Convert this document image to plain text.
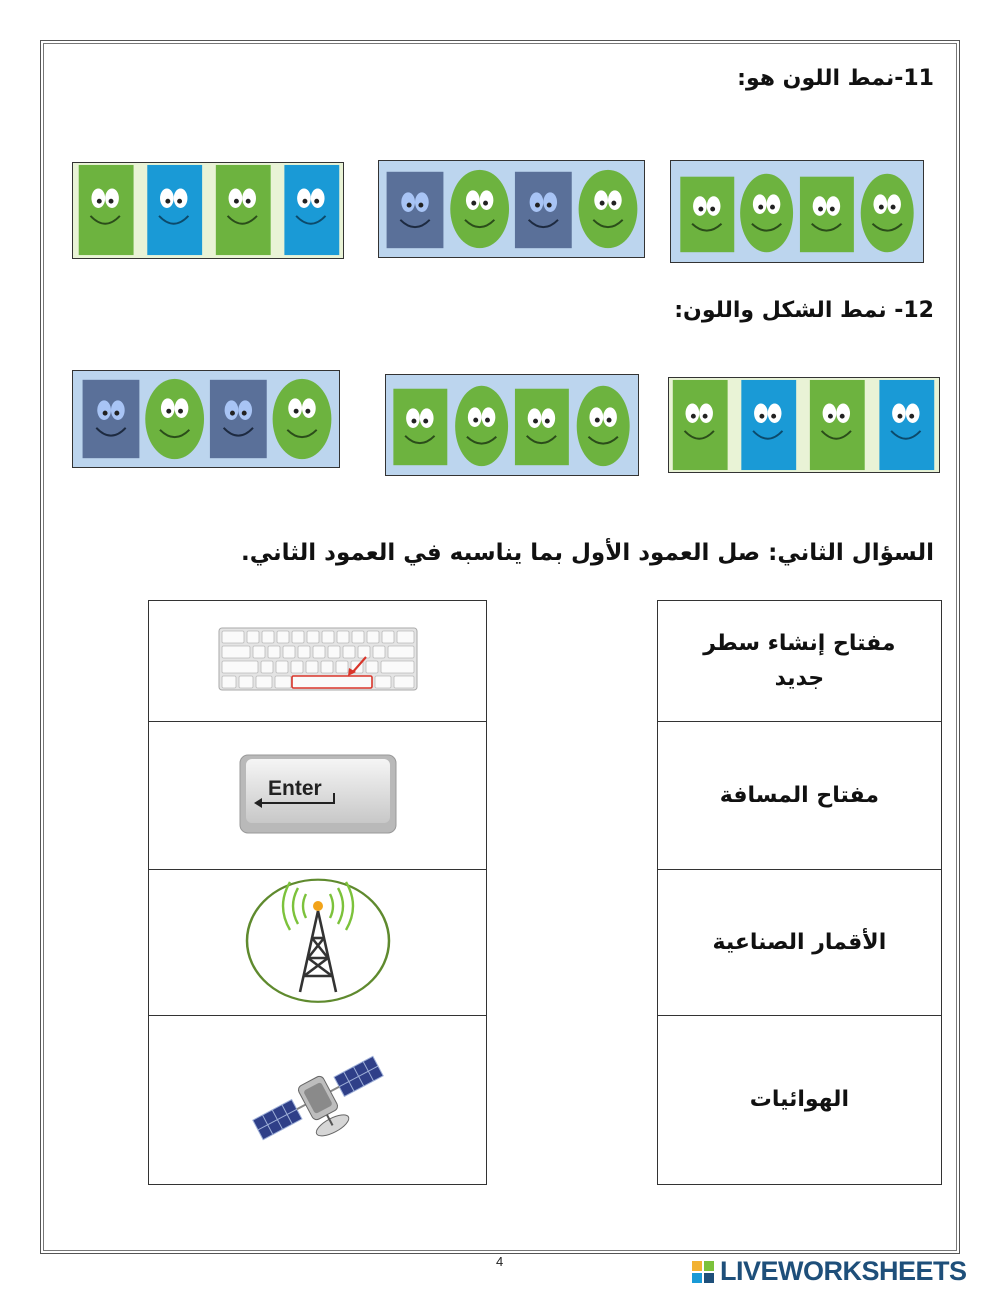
11-نمط اللون هو:
12- نمط الشكل واللون:
السؤال الثاني: صل العمود الأول بما يناسبه في العمود الثاني.

مفتاح إنشاء سطر
جديد

Enter		مفتاح المسافة

الأقمار الصناعية

الهوائيات
4	LIVEWORKSHEETS
